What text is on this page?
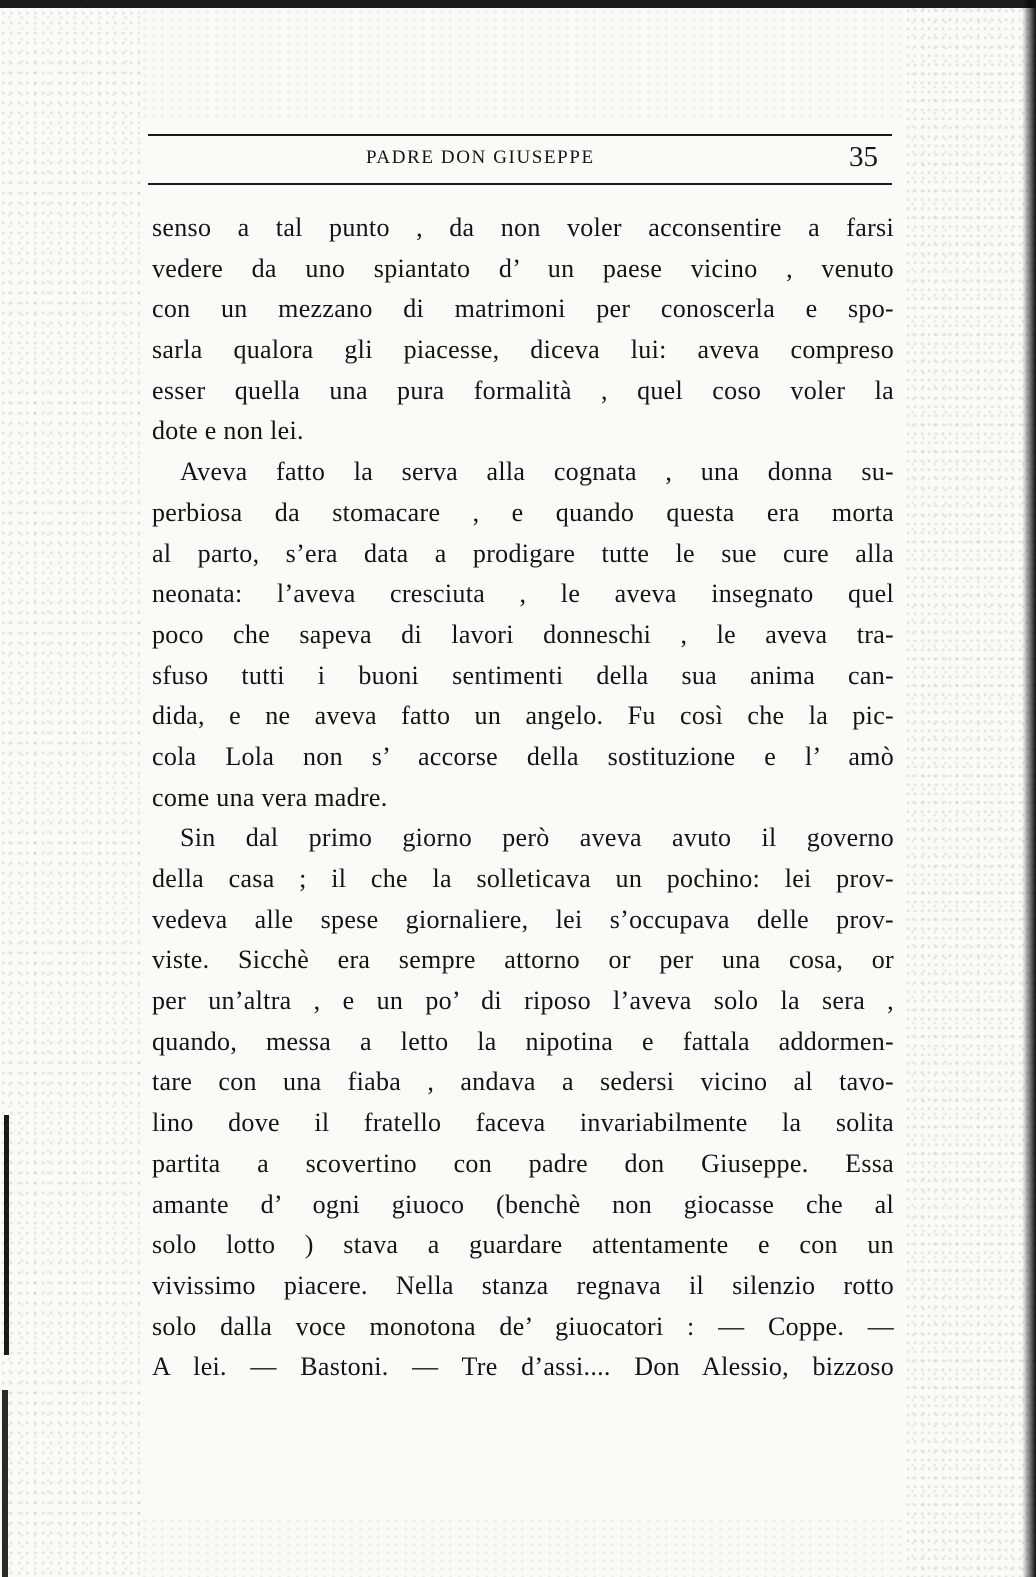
PADRE DON GIUSEPPE	35
senso a tal punto , da non voler acconsentire a farsi
vedere da uno spiantato d’ un paese vicino , venuto
con un mezzano di matrimoni per conoscerla e spo-
sarla qualora gli piacesse, diceva lui: aveva compreso
esser quella una pura formalità , quel coso voler la
dote e non lei.
Aveva fatto la serva alla cognata , una donna su-
perbiosa da stomacare , e quando questa era morta
al parto, s’era data a prodigare tutte le sue cure alla
neonata: l’aveva cresciuta , le aveva insegnato quel
poco che sapeva di lavori donneschi , le aveva tra-
sfuso tutti i buoni sentimenti della sua anima can-
dida, e ne aveva fatto un angelo. Fu così che la pic-
cola Lola non s’ accorse della sostituzione e l’ amò
come una vera madre.
Sin dal primo giorno però aveva avuto il governo
della casa ; il che la solleticava un pochino: lei prov-
vedeva alle spese giornaliere, lei s’occupava delle prov-
viste. Sicchè era sempre attorno or per una cosa, or
per un’altra , e un po’ di riposo l’aveva solo la sera ,
quando, messa a letto la nipotina e fattala addormen-
tare con una fiaba , andava a sedersi vicino al tavo-
lino dove il fratello faceva invariabilmente la solita
partita a scovertino con padre don Giuseppe. Essa
amante d’ ogni giuoco (benchè non giocasse che al
solo lotto ) stava a guardare attentamente e con un
vivissimo piacere. Nella stanza regnava il silenzio rotto
solo dalla voce monotona de’ giuocatori : — Coppe. —
A lei. — Bastoni. — Tre d’assi.... Don Alessio, bizzoso
